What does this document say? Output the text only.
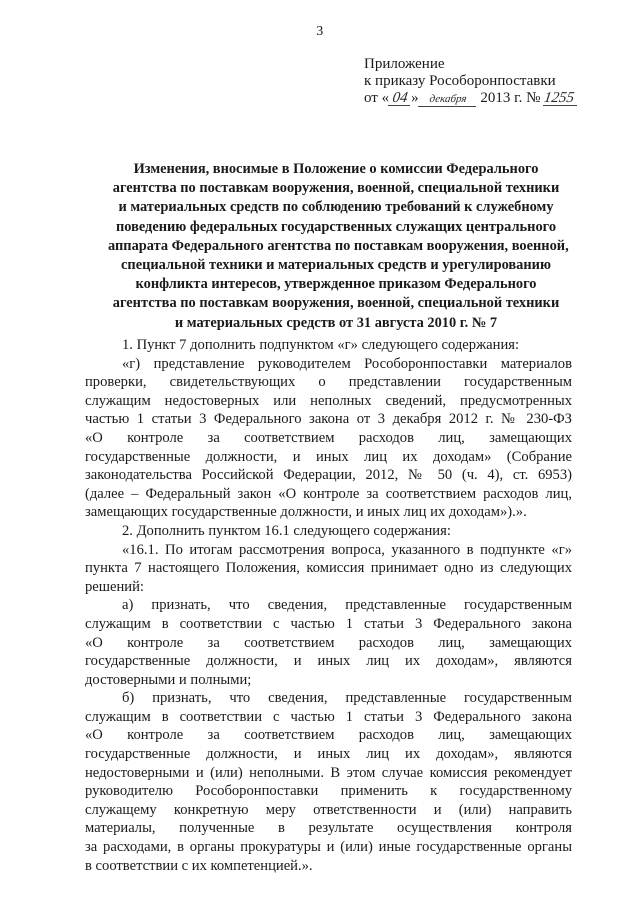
3
Приложение
к приказу Рособоронпоставки
от « 04 » декабря 2013 г. № 1255
Изменения, вносимые в Положение о комиссии Федерального
агентства по поставкам вооружения, военной, специальной техники
и материальных средств по соблюдению требований к служебному
поведению федеральных государственных служащих центрального
аппарата Федерального агентства по поставкам вооружения, военной,
специальной техники и материальных средств и урегулированию
конфликта интересов, утвержденное приказом Федерального
агентства по поставкам вооружения, военной, специальной техники
и материальных средств от 31 августа 2010 г. № 7
1. Пункт 7 дополнить подпунктом «г» следующего содержания:
«г) представление руководителем Рособоронпоставки материалов
проверки, свидетельствующих о представлении государственным
служащим недостоверных или неполных сведений, предусмотренных
частью 1 статьи 3 Федерального закона от 3 декабря 2012 г. № 230-ФЗ
«О контроле за соответствием расходов лиц, замещающих
государственные должности, и иных лиц их доходам» (Собрание
законодательства Российской Федерации, 2012, № 50 (ч. 4), ст. 6953)
(далее – Федеральный закон «О контроле за соответствием расходов лиц,
замещающих государственные должности, и иных лиц их доходам»).».
2. Дополнить пунктом 16.1 следующего содержания:
«16.1. По итогам рассмотрения вопроса, указанного в подпункте «г»
пункта 7 настоящего Положения, комиссия принимает одно из следующих
решений:
а) признать, что сведения, представленные государственным
служащим в соответствии с частью 1 статьи 3 Федерального закона
«О контроле за соответствием расходов лиц, замещающих
государственные должности, и иных лиц их доходам», являются
достоверными и полными;
б) признать, что сведения, представленные государственным
служащим в соответствии с частью 1 статьи 3 Федерального закона
«О контроле за соответствием расходов лиц, замещающих
государственные должности, и иных лиц их доходам», являются
недостоверными и (или) неполными. В этом случае комиссия рекомендует
руководителю Рособоронпоставки применить к государственному
служащему конкретную меру ответственности и (или) направить
материалы, полученные в результате осуществления контроля
за расходами, в органы прокуратуры и (или) иные государственные органы
в соответствии с их компетенцией.».
